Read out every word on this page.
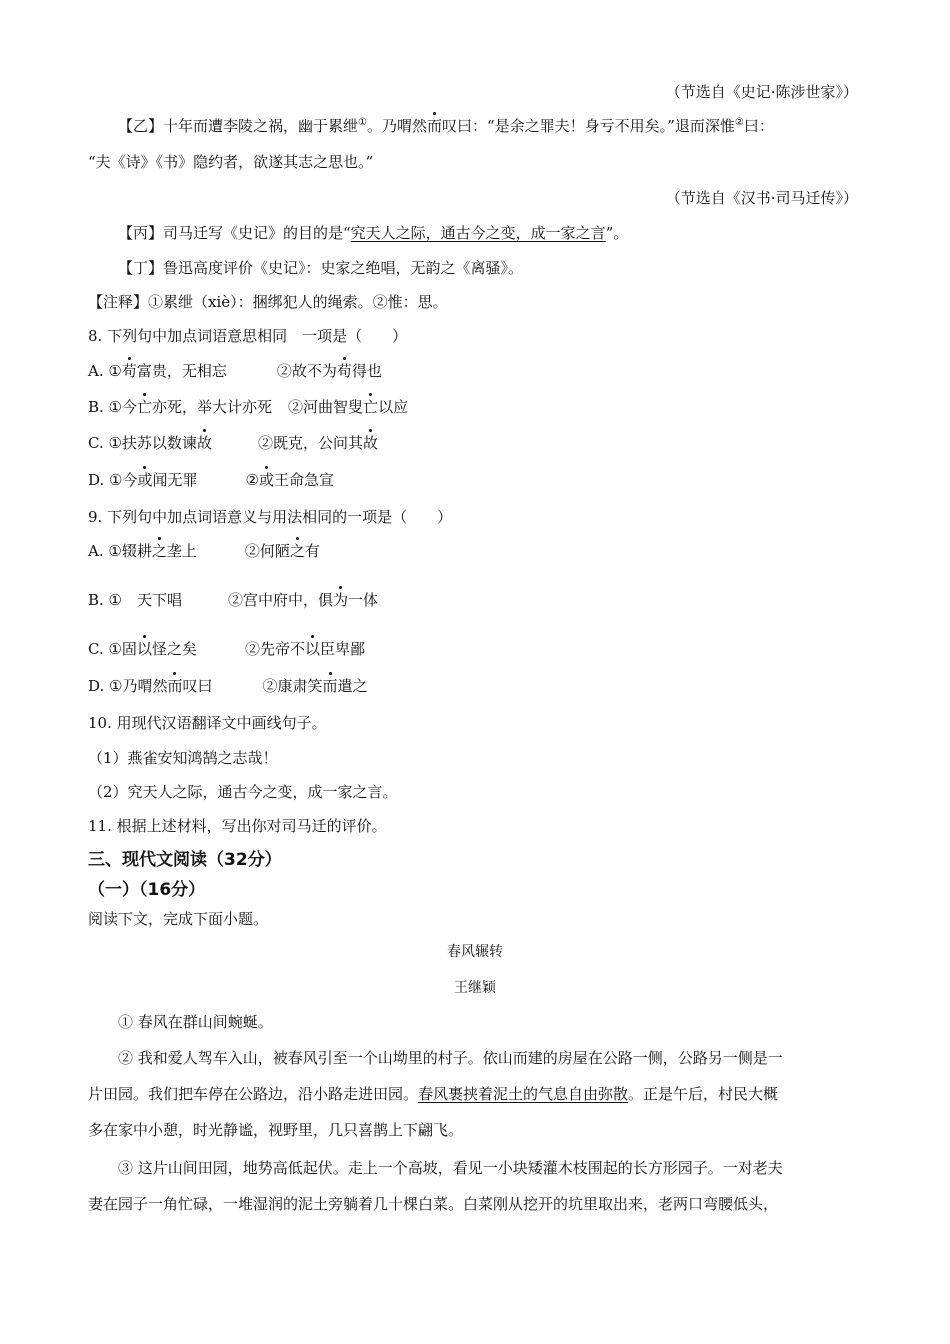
（节选自《史记·陈涉世家》）
【乙】十年而遭李陵之祸，幽于累绁①。乃喟然而叹曰：“是余之罪夫！身亏不用矣。”退而深惟②曰：
“夫《诗》《书》隐约者，欲遂其志之思也。”
（节选自《汉书·司马迁传》）
【丙】司马迁写《史记》的目的是“究天人之际，通古今之变，成一家之言”。
【丁】鲁迅高度评价《史记》：史家之绝唱，无韵之《离骚》。
【注释】①累绁（xiè）：捆绑犯人的绳索。②惟：思。
8. 下列句中加点词语意思相同　一项是（　　）
A. ①苟富贵，无相忘	②故不为苟得也
B. ①今亡亦死，举大计亦死 ②河曲智叟亡以应
C. ①扶苏以数谏故	②既克，公问其故
D. ①今或闻无罪	②或王命急宣
9. 下列句中加点词语意义与用法相同的一项是（　　）
A. ①辍耕之垄上	②何陋之有
B. ①　天下唱	②宫中府中，俱为一体
C. ①固以怪之矣	②先帝不以臣卑鄙
D. ①乃喟然而叹曰	②康肃笑而遣之
10. 用现代汉语翻译文中画线句子。
（1）燕雀安知鸿鹄之志哉！
（2）究天人之际，通古今之变，成一家之言。
11. 根据上述材料，写出你对司马迁的评价。
三、现代文阅读（32分）
（一）（16分）
阅读下文，完成下面小题。
春风辗转
王继颖
① 春风在群山间蜿蜒。
② 我和爱人驾车入山，被春风引至一个山坳里的村子。依山而建的房屋在公路一侧，公路另一侧是一
片田园。我们把车停在公路边，沿小路走进田园。春风裹挟着泥土的气息自由弥散。正是午后，村民大概
多在家中小憩，时光静谧，视野里，几只喜鹊上下翩飞。
③ 这片山间田园，地势高低起伏。走上一个高坡，看见一小块矮灌木枝围起的长方形园子。一对老夫
妻在园子一角忙碌，一堆湿润的泥土旁躺着几十棵白菜。白菜刚从挖开的坑里取出来，老两口弯腰低头，
